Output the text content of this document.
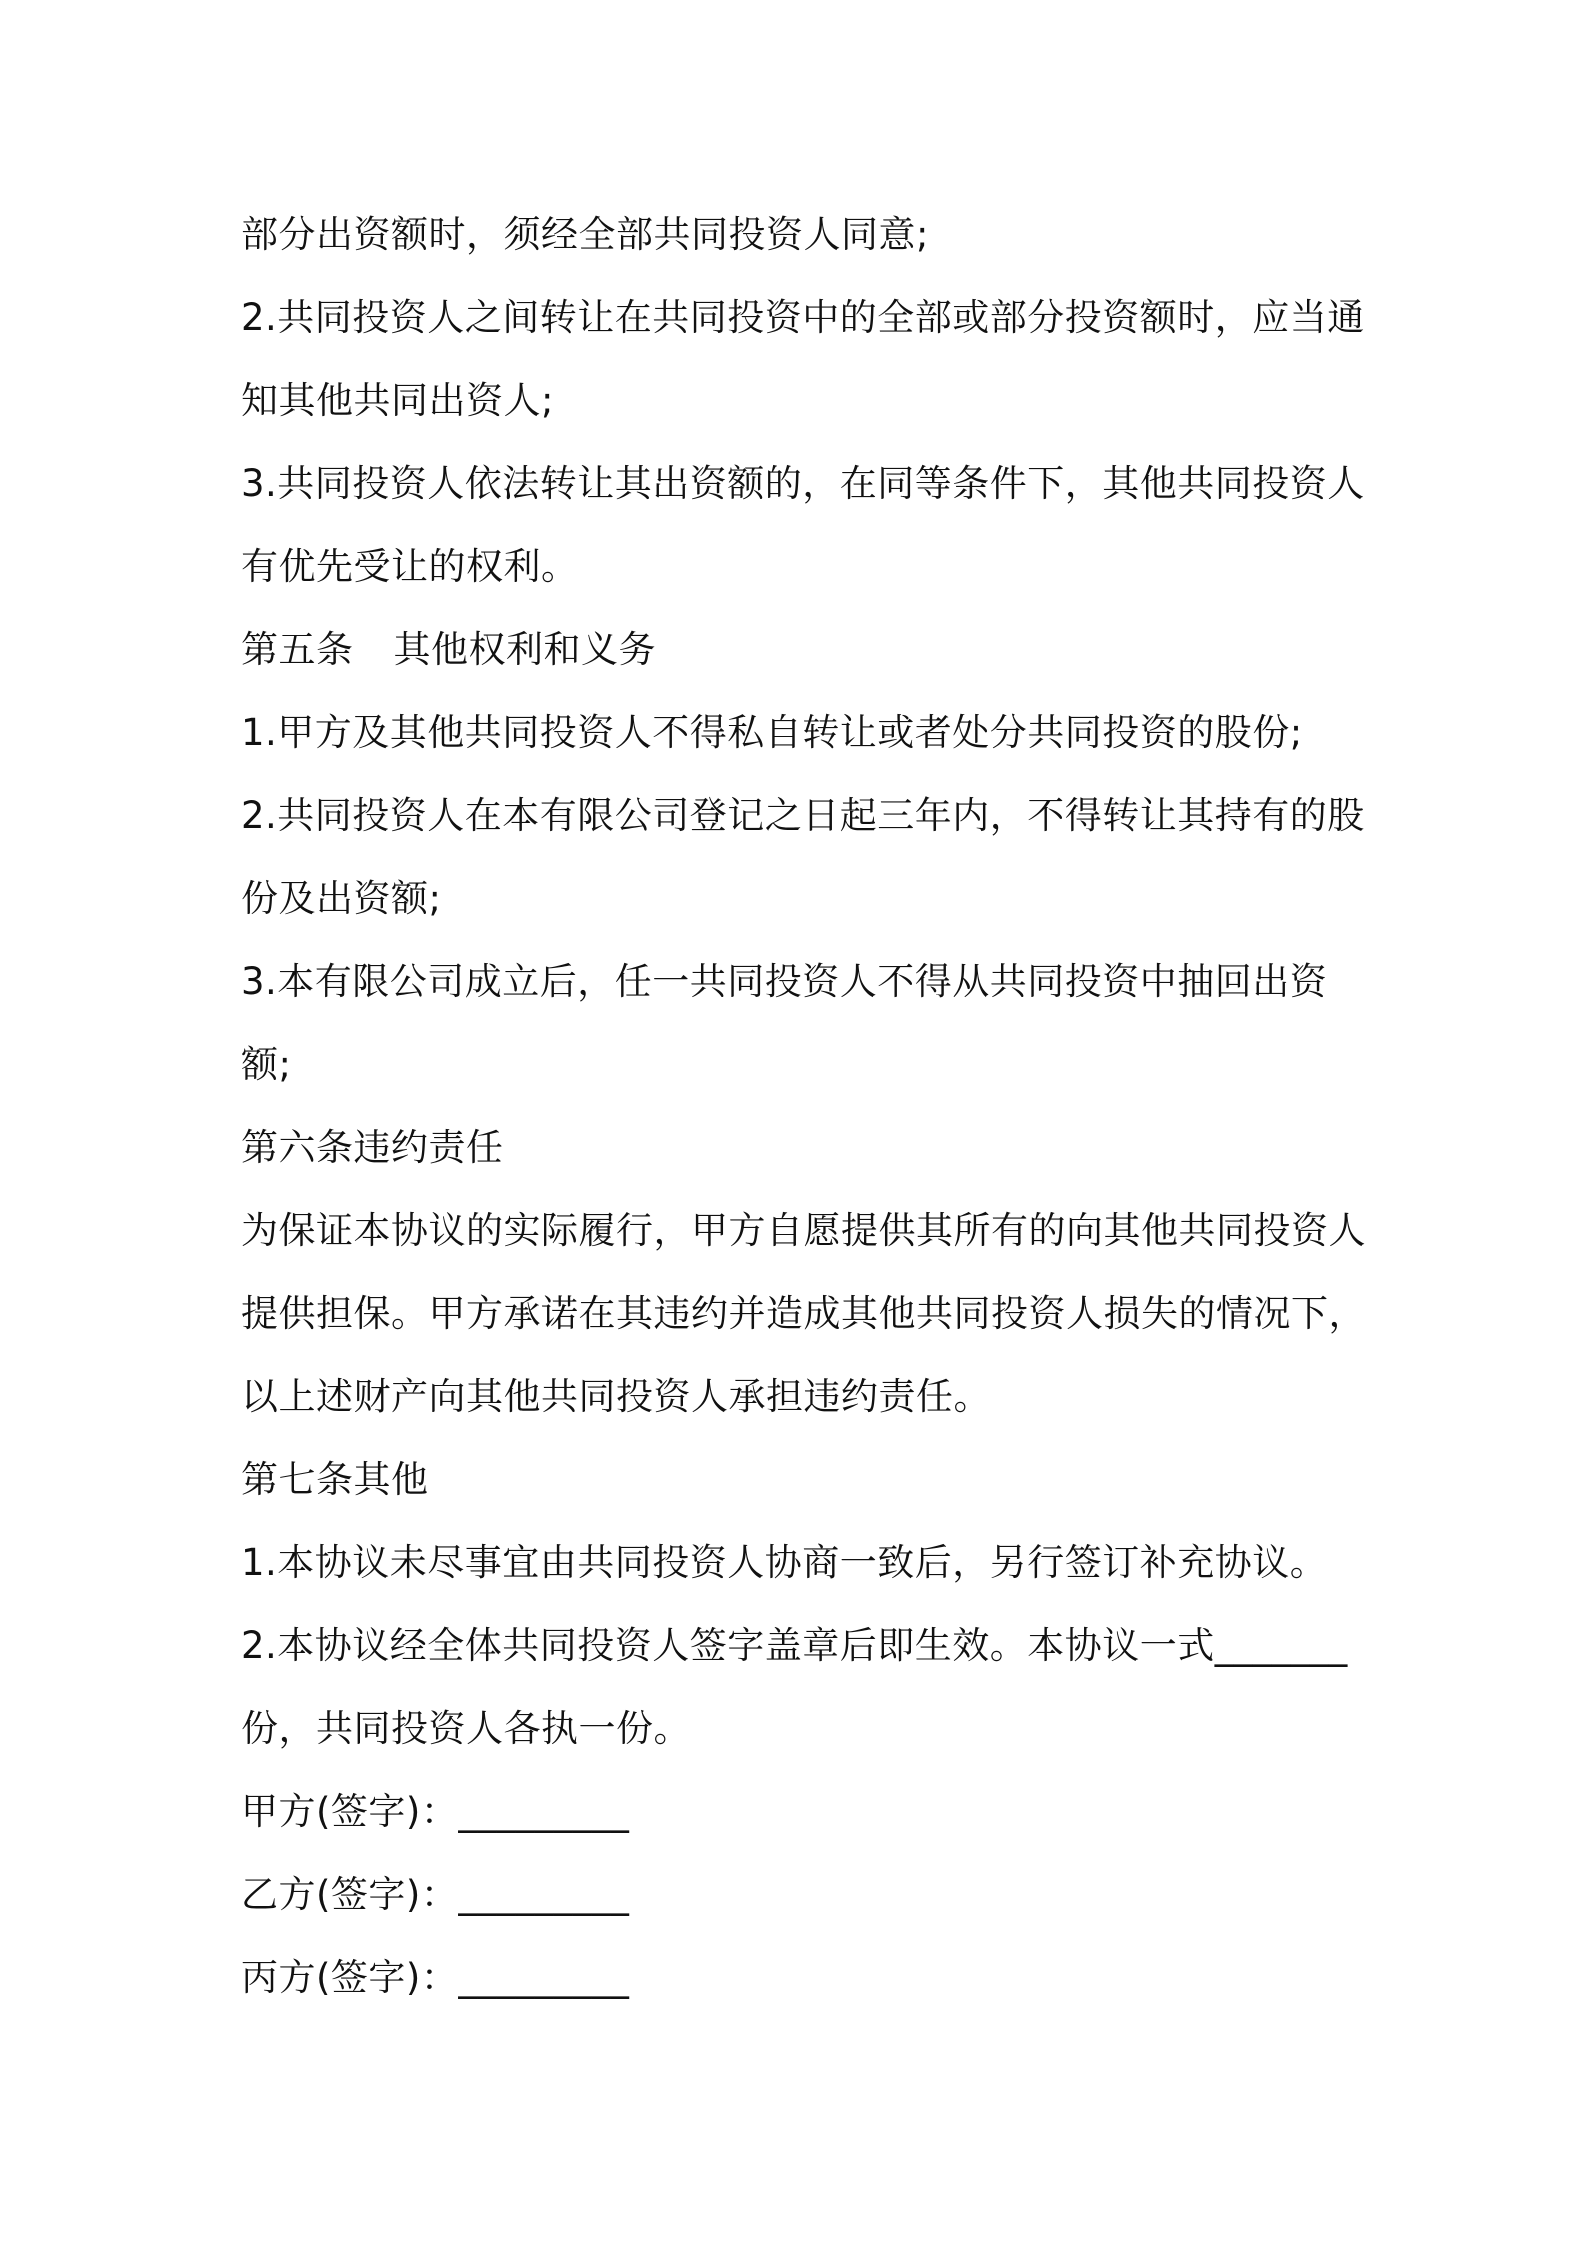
部分出资额时，须经全部共同投资人同意;
2.共同投资人之间转让在共同投资中的全部或部分投资额时，应当通
知其他共同出资人;
3.共同投资人依法转让其出资额的，在同等条件下，其他共同投资人
有优先受让的权利。
第五条 其他权利和义务
1.甲方及其他共同投资人不得私自转让或者处分共同投资的股份;
2.共同投资人在本有限公司登记之日起三年内，不得转让其持有的股
份及出资额;
3.本有限公司成立后，任一共同投资人不得从共同投资中抽回出资
额;
第六条违约责任
为保证本协议的实际履行，甲方自愿提供其所有的向其他共同投资人
提供担保。甲方承诺在其违约并造成其他共同投资人损失的情况下，
以上述财产向其他共同投资人承担违约责任。
第七条其他
1.本协议未尽事宜由共同投资人协商一致后，另行签订补充协议。
2.本协议经全体共同投资人签字盖章后即生效。本协议一式_______
份，共同投资人各执一份。
甲方(签字)：_________
乙方(签字)：_________
丙方(签字)：_________
